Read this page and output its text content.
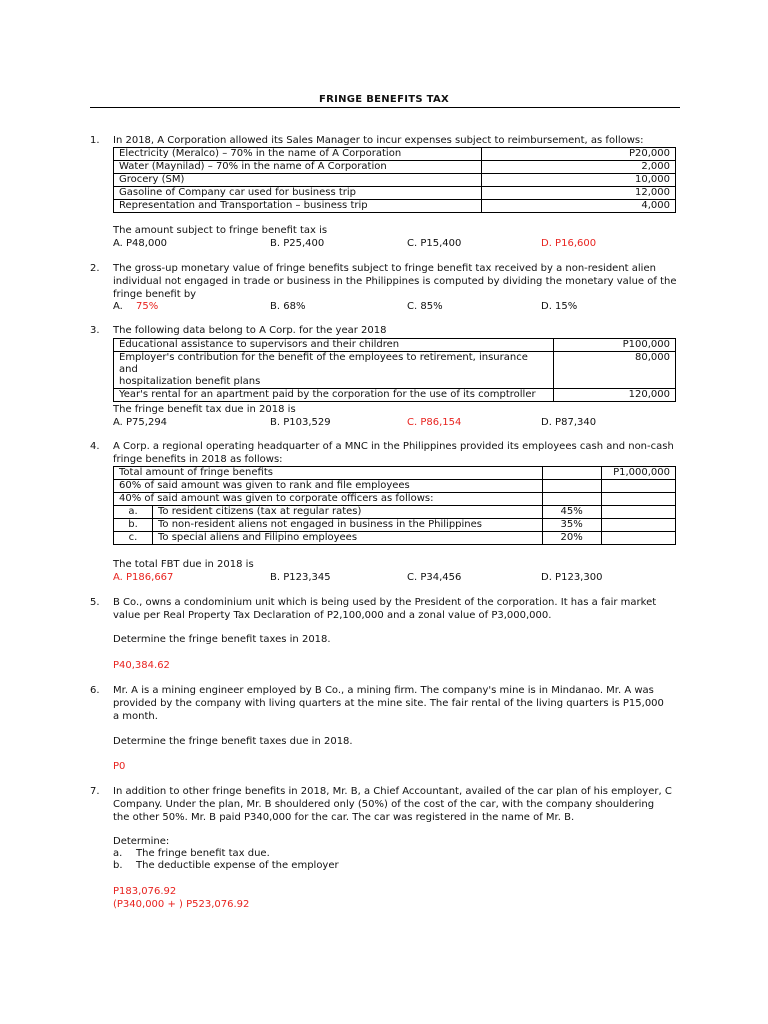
FRINGE BENEFITS TAX
1. In 2018, A Corporation allowed its Sales Manager to incur expenses subject to reimbursement, as follows:
Electricity (Meralco) – 70% in the name of A Corporation	P20,000
Water (Maynilad) – 70% in the name of A Corporation	2,000
Grocery (SM)	10,000
Gasoline of Company car used for business trip	12,000
Representation and Transportation – business trip	4,000
The amount subject to fringe benefit tax is
A. P48,000	B. P25,400	C. P15,400	D. P16,600
2. The gross-up monetary value of fringe benefits subject to fringe benefit tax received by a non-resident alien
individual not engaged in trade or business in the Philippines is computed by dividing the monetary value of the
fringe benefit by
A. 75%	B. 68%	C. 85%	D. 15%
3. The following data belong to A Corp. for the year 2018
Educational assistance to supervisors and their children	P100,000
Employer's contribution for the benefit of the employees to retirement, insurance and
hospitalization benefit plans	80,000
Year's rental for an apartment paid by the corporation for the use of its comptroller	120,000
The fringe benefit tax due in 2018 is
A. P75,294	B. P103,529	C. P86,154	D. P87,340
4. A Corp. a regional operating headquarter of a MNC in the Philippines provided its employees cash and non-cash
fringe benefits in 2018 as follows:
Total amount of fringe benefits			P1,000,000
60% of said amount was given to rank and file employees			
40% of said amount was given to corporate officers as follows:			
a.	To resident citizens (tax at regular rates)	45%	
b.	To non-resident aliens not engaged in business in the Philippines	35%	
c.	To special aliens and Filipino employees	20%	
The total FBT due in 2018 is
A. P186,667	B. P123,345	C. P34,456	D. P123,300
5. B Co., owns a condominium unit which is being used by the President of the corporation. It has a fair market
value per Real Property Tax Declaration of P2,100,000 and a zonal value of P3,000,000.
Determine the fringe benefit taxes in 2018.
P40,384.62
6. Mr. A is a mining engineer employed by B Co., a mining firm. The company's mine is in Mindanao. Mr. A was
provided by the company with living quarters at the mine site. The fair rental of the living quarters is P15,000
a month.
Determine the fringe benefit taxes due in 2018.
P0
7. In addition to other fringe benefits in 2018, Mr. B, a Chief Accountant, availed of the car plan of his employer, C
Company. Under the plan, Mr. B shouldered only (50%) of the cost of the car, with the company shouldering
the other 50%. Mr. B paid P340,000 for the car. The car was registered in the name of Mr. B.
Determine:
a. The fringe benefit tax due.
b. The deductible expense of the employer
P183,076.92
(P340,000 + ) P523,076.92
